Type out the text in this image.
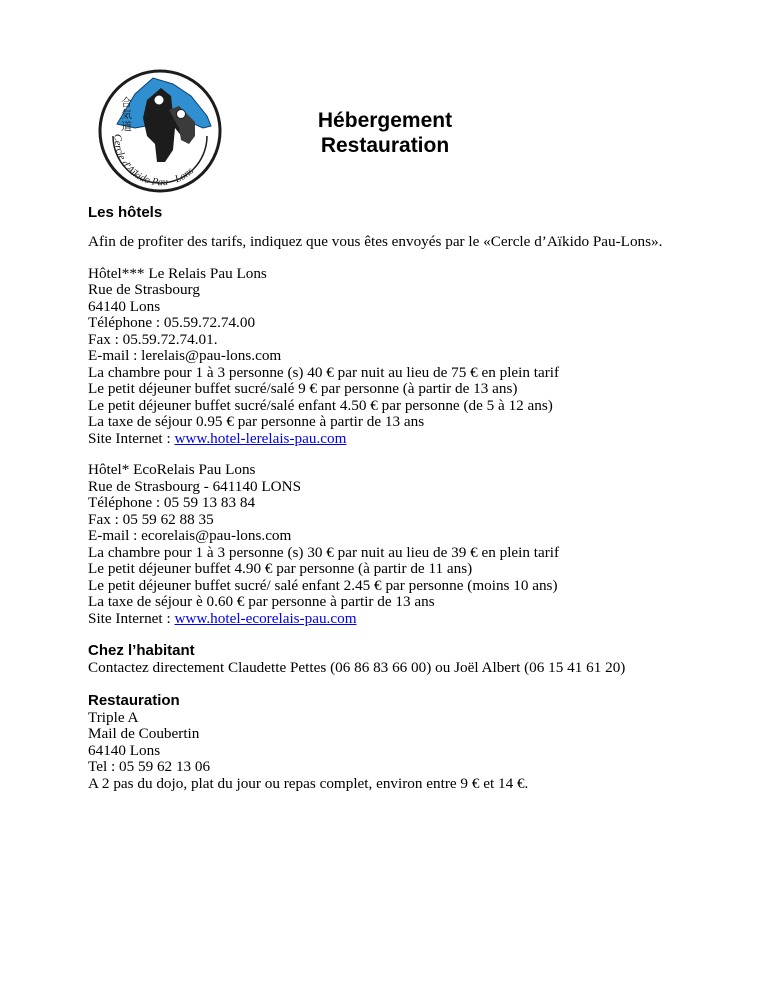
合
気
道
Cercle d'Aïkido Pau - Lons
Hébergement
Restauration
Les hôtels
Afin de profiter des tarifs, indiquez que vous êtes envoyés par le «Cercle d’Aïkido Pau-Lons».
Hôtel*** Le Relais Pau Lons
Rue de Strasbourg
64140 Lons
Téléphone : 05.59.72.74.00
Fax : 05.59.72.74.01.
E-mail : lerelais@pau-lons.com
La chambre pour 1 à 3 personne (s) 40 € par nuit au lieu de 75 € en plein tarif
Le petit déjeuner buffet sucré/salé 9 € par personne (à partir de 13 ans)
Le petit déjeuner buffet sucré/salé enfant 4.50 € par personne (de 5 à 12 ans)
La taxe de séjour 0.95 € par personne à partir de 13 ans
Site Internet : www.hotel-lerelais-pau.com
Hôtel* EcoRelais Pau Lons
Rue de Strasbourg - 641140 LONS
Téléphone : 05 59 13 83 84
Fax : 05 59 62 88 35
E-mail : ecorelais@pau-lons.com
La chambre pour 1 à 3 personne (s) 30 € par nuit au lieu de 39 € en plein tarif
Le petit déjeuner buffet 4.90 € par personne (à partir de 11 ans)
Le petit déjeuner buffet sucré/ salé enfant 2.45 € par personne (moins 10 ans)
La taxe de séjour è 0.60 € par personne à partir de 13 ans
Site Internet : www.hotel-ecorelais-pau.com
Chez l’habitant
Contactez directement Claudette Pettes (06 86 83 66 00) ou Joël Albert (06 15 41 61 20)
Restauration
Triple A
Mail de Coubertin
64140 Lons
Tel : 05 59 62 13 06
A 2 pas du dojo, plat du jour ou repas complet, environ entre 9 € et 14 €.
